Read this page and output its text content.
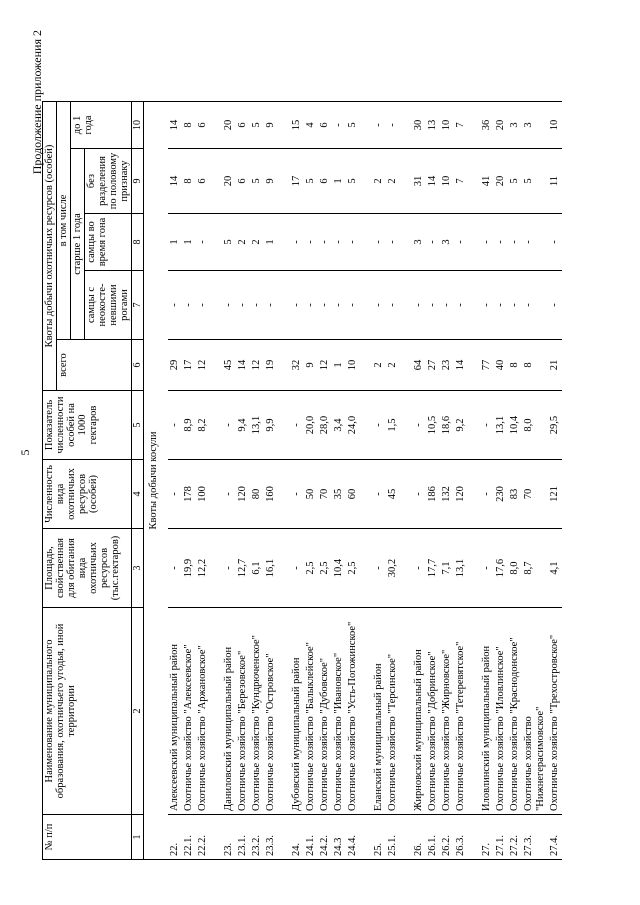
5
Продолжение приложения 2
№ п/п	Наименование муниципального образования, охотничьего угодья, иной территории	Площадь, свойственная для обитания вида охотничьих ресурсов (тыс.гектаров)	Численность вида охотничьих ресурсов (особей)	Показатель численности особей на 1000 гектаров	Квоты добычи охотничьих ресурсов (особей)				
					всего	в том числе			
						старше 1 года			до 1 года
						самцы с неокосте-невшими рогами	самцы во время гона	без разделения по половому признаку	
1	2	3	4	5	6	7	8	9	10
Квоты добычи косули									
22.	Алексеевский муниципальный район	-	-	-	29	-	1	14	14
22.1.	Охотничье хозяйство "Алексеевское"	19,9	178	8,9	17	-	1	8	8
22.2.	Охотничье хозяйство "Аржановское"	12,2	100	8,2	12	-	-	6	6

23.	Даниловский муниципальный район	-	-	-	45	-	5	20	20
23.1.	Охотничье хозяйство "Березовское"	12,7	120	9,4	14	-	2	6	6
23.2.	Охотничье хозяйство "Кундрюченское"	6,1	80	13,1	12	-	2	5	5
23.3.	Охотничье хозяйство "Островское"	16,1	160	9,9	19	-	1	9	9

24.	Дубовский муниципальный район	-	-	-	32	-	-	17	15
24.1.	Охотничье хозяйство "Балыклейское"	2,5	50	20,0	9	-	-	5	4
24.2.	Охотничье хозяйство "Дубовское"	2,5	70	28,0	12	-	-	6	6
24.3	Охотничье хозяйство "Ивановское"	10,4	35	3,4	1	-	-	1	-
24.4.	Охотничье хозяйство "Усть-Погожинское"	2,5	60	24,0	10	-	-	5	5

25.	Еланский муниципальный район	-	-	-	2	-	-	2	-
25.1.	Охотничье хозяйство "Терсинское"	30,2	45	1,5	2	-	-	2	-

26.	Жирновский муниципальный район	-	-	-	64	-	3	31	30
26.1.	Охотничье хозяйство "Добринское"	17,7	186	10,5	27	-	-	14	13
26.2.	Охотничье хозяйство "Жирновское"	7,1	132	18,6	23	-	3	10	10
26.3.	Охотничье хозяйство "Тетеревятское"	13,1	120	9,2	14	-	-	7	7

27.	Иловлинский муниципальный район	-	-	-	77	-	-	41	36
27.1.	Охотничье хозяйство "Иловлинское"	17,6	230	13,1	40	-	-	20	20
27.2.	Охотничье хозяйство "Краснодонское"	8,0	83	10,4	8	-	-	5	3
27.3.	Охотничье хозяйство "Нижнегерасимовское"	8,7	70	8,0	8	-	-	5	3
27.4.	Охотничье хозяйство "Трехостровское"	4,1	121	29,5	21	-	-	11	10
